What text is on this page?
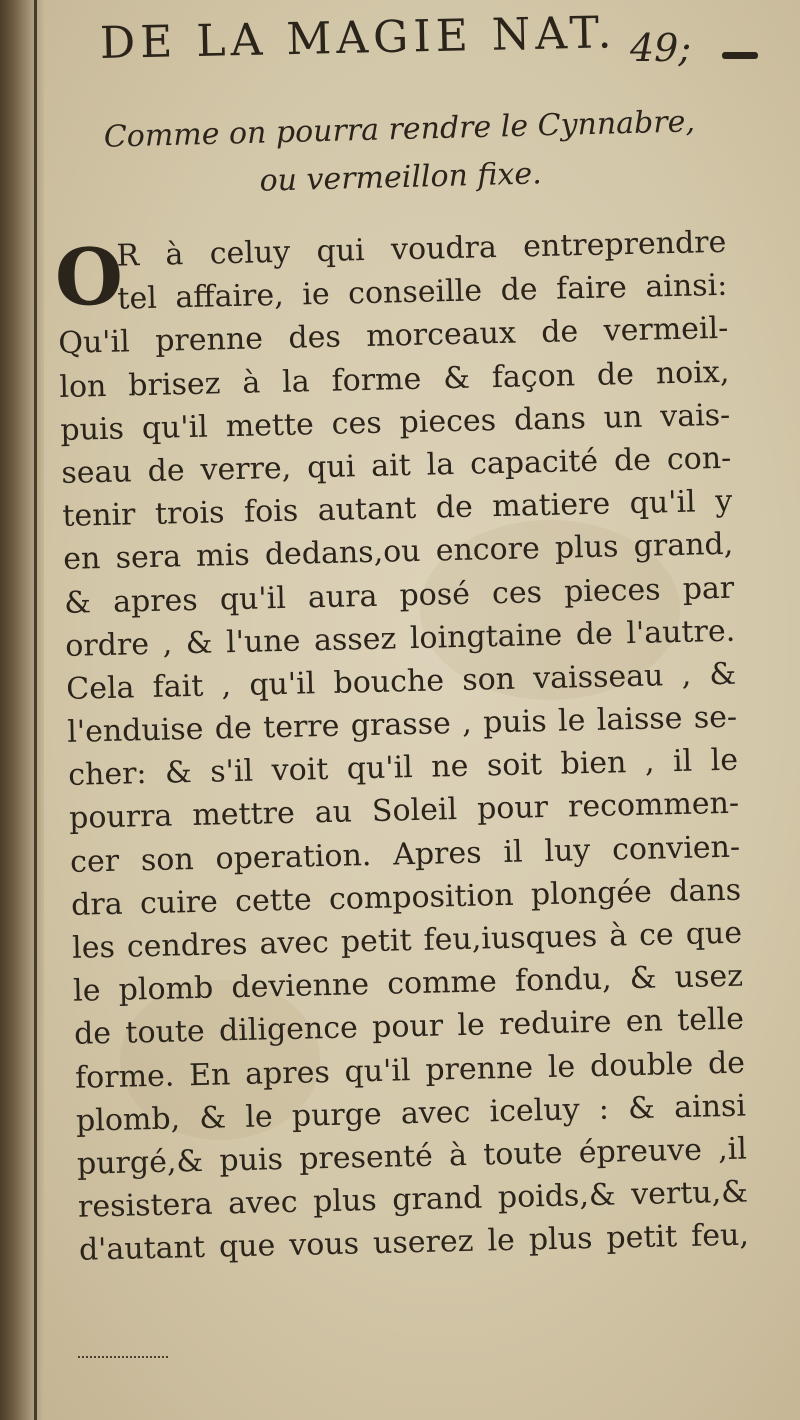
DE LA MAGIE NAT. 49;
Comme on pourra rendre le Cynnabre,
ou vermeillon fixe.
O
R à celuy qui voudra entreprendre
tel affaire, ie conseille de faire ainsi:
Qu'il prenne des morceaux de vermeil-
lon brisez à la forme & façon de noix,
puis qu'il mette ces pieces dans un vais-
seau de verre, qui ait la capacité de con-
tenir trois fois autant de matiere qu'il y
en sera mis dedans,ou encore plus grand,
& apres qu'il aura posé ces pieces par
ordre , & l'une assez loingtaine de l'autre.
Cela fait , qu'il bouche son vaisseau , &
l'enduise de terre grasse , puis le laisse se-
cher: & s'il voit qu'il ne soit bien , il le
pourra mettre au Soleil pour recommen-
cer son operation. Apres il luy convien-
dra cuire cette composition plongée dans
les cendres avec petit feu,iusques à ce que
le plomb devienne comme fondu, & usez
de toute diligence pour le reduire en telle
forme. En apres qu'il prenne le double de
plomb, & le purge avec iceluy : & ainsi
purgé,& puis presenté à toute épreuve ,il
resistera avec plus grand poids,& vertu,&
d'autant que vous userez le plus petit feu,
